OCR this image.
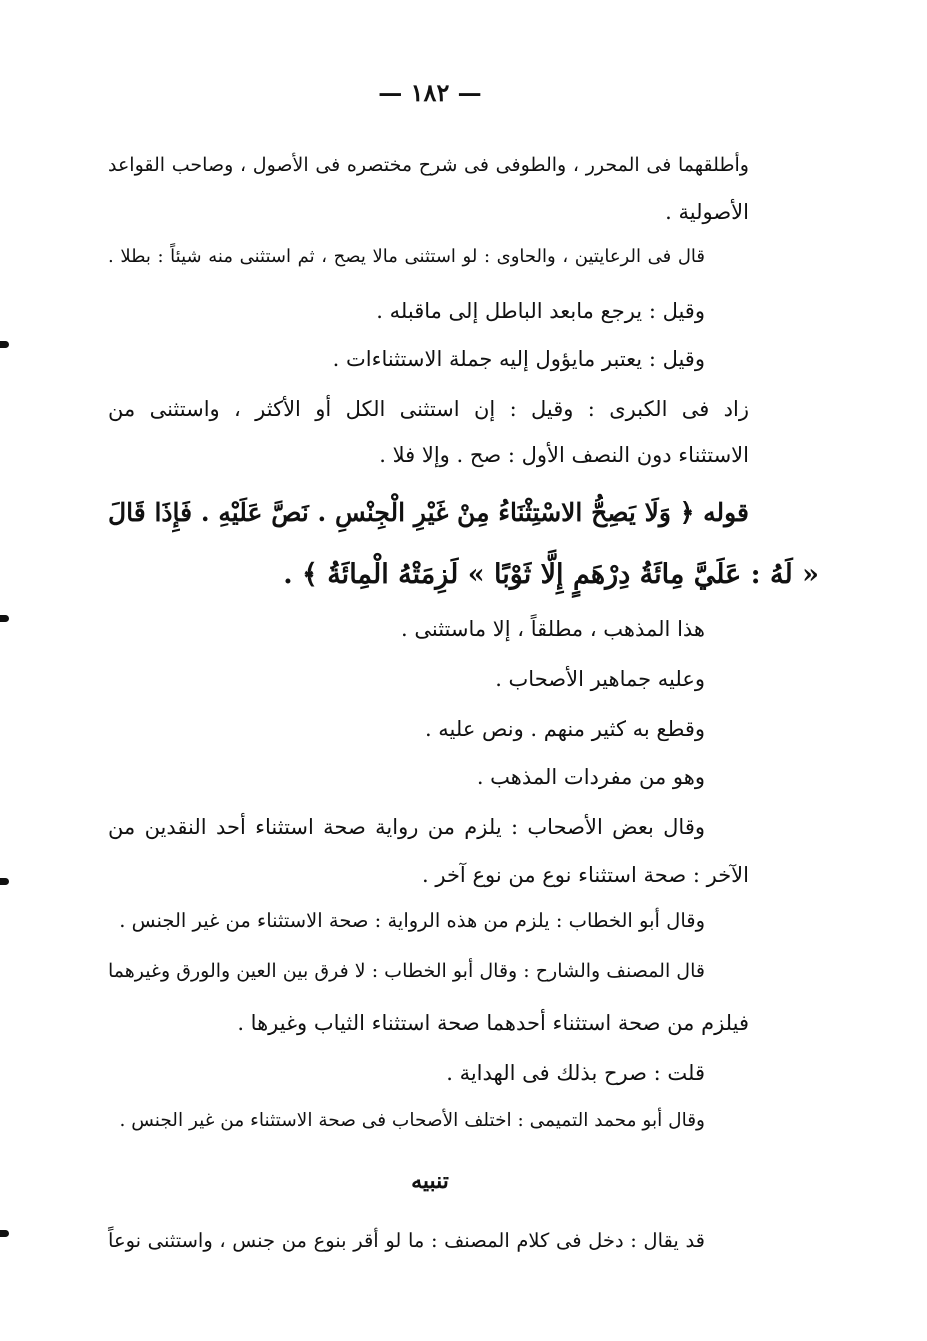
— ١٨٢ —
وأطلقهما فى المحرر ، والطوفى فى شرح مختصره فى الأصول ، وصاحب القواعد
الأصولية .
قال فى الرعايتين ، والحاوى : لو استثنى مالا يصح ، ثم استثنى منه شيئاً : بطلا .
وقيل : يرجع مابعد الباطل إلى ماقبله .
وقيل : يعتبر مايؤول إليه جملة الاستثناءات .
زاد فى الكبرى : وقيل : إن استثنى الكل أو الأكثر ، واستثنى من
الاستثناء دون النصف الأول : صح . وإلا فلا .
قوله ﴿ وَلَا يَصِحُّ الاسْتِثْنَاءُ مِنْ غَيْرِ الْجِنْسِ . نَصَّ عَلَيْهِ . فَإِذَا قَالَ
« لَهُ : عَلَيَّ مِائَةُ دِرْهَمٍ إِلَّا ثَوْبًا » لَزِمَتْهُ الْمِائَةُ ﴾ .
هذا المذهب ، مطلقاً ، إلا ماستثنى .
وعليه جماهير الأصحاب .
وقطع به كثير منهم . ونص عليه .
وهو من مفردات المذهب .
وقال بعض الأصحاب : يلزم من رواية صحة استثناء أحد النقدين من
الآخر : صحة استثناء نوع من نوع آخر .
وقال أبو الخطاب : يلزم من هذه الرواية : صحة الاستثناء من غير الجنس .
قال المصنف والشارح : وقال أبو الخطاب : لا فرق بين العين والورق وغيرهما
فيلزم من صحة استثناء أحدهما صحة استثناء الثياب وغيرها .
قلت : صرح بذلك فى الهداية .
وقال أبو محمد التميمى : اختلف الأصحاب فى صحة الاستثناء من غير الجنس .
تنبيه
قد يقال : دخل فى كلام المصنف : ما لو أقر بنوع من جنس ، واستثنى نوعاً
